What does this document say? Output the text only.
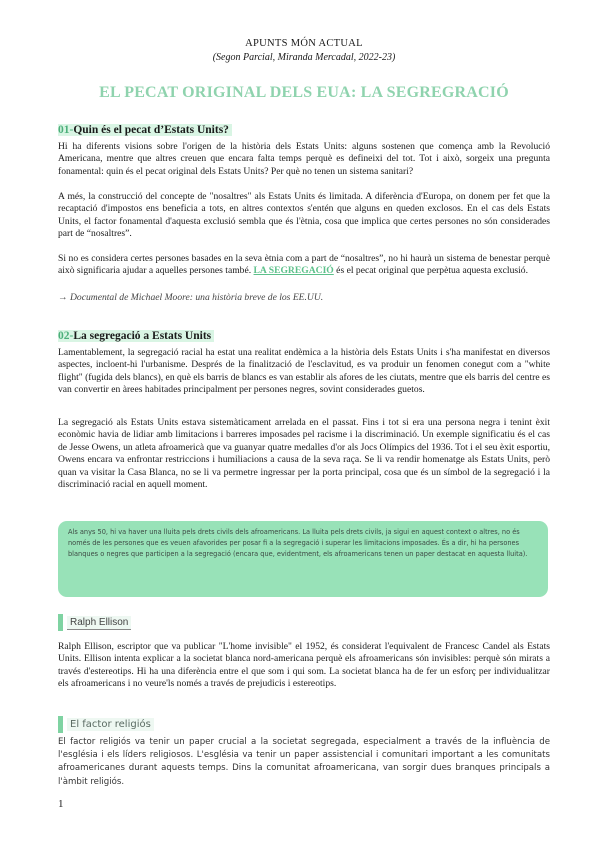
APUNTS MÓN ACTUAL
(Segon Parcial, Miranda Mercadal, 2022-23)
EL PECAT ORIGINAL DELS EUA: LA SEGREGRACIÓ
01-Quin és el pecat d’Estats Units?

Hi ha diferents visions sobre l'origen de la història dels Estats Units: alguns sostenen que comença amb la Revolució Americana, mentre que altres creuen que encara falta temps perquè es defineixi del tot. Tot i això, sorgeix una pregunta fonamental: quin és el pecat original dels Estats Units? Per què no tenen un sistema sanitari?

A més, la construcció del concepte de "nosaltres" als Estats Units és limitada. A diferència d'Europa, on donem per fet que la recaptació d'impostos ens beneficia a tots, en altres contextos s'entén que alguns en queden exclosos. En el cas dels Estats Units, el factor fonamental d'aquesta exclusió sembla que és l'ètnia, cosa que implica que certes persones no són considerades part de “nosaltres”.

Si no es considera certes persones basades en la seva ètnia com a part de “nosaltres”, no hi haurà un sistema de benestar perquè això significaria ajudar a aquelles persones també. LA SEGREGACIÓ és el pecat original que perpètua aquesta exclusió.

→ Documental de Michael Moore: una història breve de los EE.UU.
02-La segregació a Estats Units

Lamentablement, la segregació racial ha estat una realitat endèmica a la història dels Estats Units i s'ha manifestat en diversos aspectes, incloent-hi l'urbanisme. Després de la finalització de l'esclavitud, es va produir un fenomen conegut com a "white flight" (fugida dels blancs), en què els barris de blancs es van establir als afores de les ciutats, mentre que els barris del centre es van convertir en àrees habitades principalment per persones negres, sovint considerades guetos.

La segregació als Estats Units estava sistemàticament arrelada en el passat. Fins i tot si era una persona negra i tenint èxit econòmic havia de lidiar amb limitacions i barreres imposades pel racisme i la discriminació. Un exemple significatiu és el cas de Jesse Owens, un atleta afroamericà que va guanyar quatre medalles d'or als Jocs Olímpics del 1936. Tot i el seu èxit esportiu, Owens encara va enfrontar restriccions i humiliacions a causa de la seva raça. Se li va rendir homenatge als Estats Units, però quan va visitar la Casa Blanca, no se li va permetre ingressar per la porta principal, cosa que és un símbol de la segregació i la discriminació racial en aquell moment.

Als anys 50, hi va haver una lluita pels drets civils dels afroamericans. La lluita pels drets civils, ja sigui en aquest context o altres, no és només de les persones que es veuen afavorides per posar fi a la segregació i superar les limitacions imposades. És a dir, hi ha persones blanques o negres que participen a la segregació (encara que, evidentment, els afroamericans tenen un paper destacat en aquesta lluita).
Ralph Ellison

Ralph Ellison, escriptor que va publicar "L'home invisible" el 1952, és considerat l'equivalent de Francesc Candel als Estats Units. Ellison intenta explicar a la societat blanca nord-americana perquè els afroamericans són invisibles: perquè són mirats a través d'estereotips. Hi ha una diferència entre el que som i qui som. La societat blanca ha de fer un esforç per individualitzar els afroamericans i no veure'ls només a través de prejudicis i estereotips.

El factor religiós

El factor religiós va tenir un paper crucial a la societat segregada, especialment a través de la influència de l'església i els líders religiosos. L'església va tenir un paper assistencial i comunitari important a les comunitats afroamericanes durant aquests temps. Dins la comunitat afroamericana, van sorgir dues branques principals a l'àmbit religiós.

1
